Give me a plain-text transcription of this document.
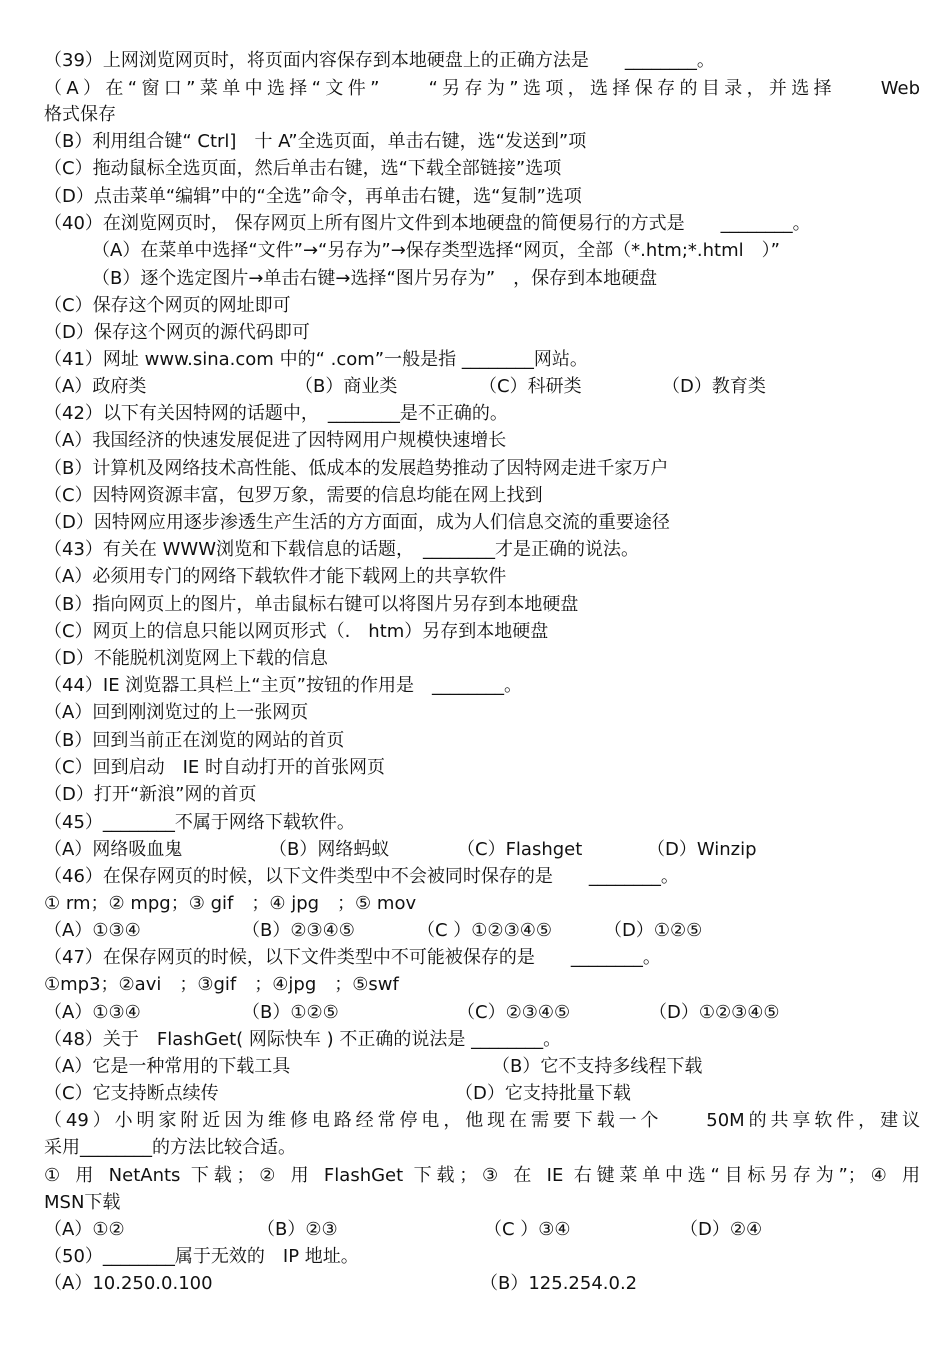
（39）上网浏览网页时，将页面内容保存到本地硬盘上的正确方法是　　________。
（A）在“窗口”菜单中选择“文件”　　“另存为”选项，选择保存的目录，并选择　　Web
格式保存
（B）利用组合键“ Ctrl]　十 A”全选页面，单击右键，选“发送到”项
（C）拖动鼠标全选页面，然后单击右键，选“下载全部链接”选项
（D）点击菜单“编辑”中的“全选”命令，再单击右键，选“复制”选项
（40）在浏览网页时， 保存网页上所有图片文件到本地硬盘的简便易行的方式是　　________。
（A）在菜单中选择“文件”→“另存为”→保存类型选择“网页，全部（*.htm;*.html　）”
（B）逐个选定图片→单击右键→选择“图片另存为”　，保存到本地硬盘
（C）保存这个网页的网址即可
（D）保存这个网页的源代码即可
（41）网址 www.sina.com 中的“ .com”一般是指 ________网站。
（A）政府类	（B）商业类	（C）科研类	（D）教育类
（42）以下有关因特网的话题中，　________是不正确的。
（A）我国经济的快速发展促进了因特网用户规模快速增长
（B）计算机及网络技术高性能、低成本的发展趋势推动了因特网走进千家万户
（C）因特网资源丰富，包罗万象，需要的信息均能在网上找到
（D）因特网应用逐步渗透生产生活的方方面面，成为人们信息交流的重要途径
（43）有关在 WWW浏览和下载信息的话题，　________才是正确的说法。
（A）必须用专门的网络下载软件才能下载网上的共享软件
（B）指向网页上的图片，单击鼠标右键可以将图片另存到本地硬盘
（C）网页上的信息只能以网页形式（.　htm）另存到本地硬盘
（D）不能脱机浏览网上下载的信息
（44）IE 浏览器工具栏上“主页”按钮的作用是　________。
（A）回到刚浏览过的上一张网页
（B）回到当前正在浏览的网站的首页
（C）回到启动　IE 时自动打开的首张网页
（D）打开“新浪”网的首页
（45）________不属于网络下载软件。
（A）网络吸血鬼	（B）网络蚂蚁	（C）Flashget	（D）Winzip
（46）在保存网页的时候，以下文件类型中不会被同时保存的是　　________。
① rm；② mpg；③ gif　；④ jpg　；⑤ mov
（A）①③④	（B）②③④⑤	（C ）①②③④⑤	（D）①②⑤
（47）在保存网页的时候，以下文件类型中不可能被保存的是　　________。
①mp3；②avi　；③gif　；④jpg　；⑤swf
（A）①③④	（B）①②⑤	（C）②③④⑤	（D）①②③④⑤
（48）关于　FlashGet( 网际快车 ) 不正确的说法是 ________。
（A）它是一种常用的下载工具	（B）它不支持多线程下载
（C）它支持断点续传	（D）它支持批量下载
（49）小明家附近因为维修电路经常停电，他现在需要下载一个　　50M的共享软件，建议
采用________的方法比较合适。
① 用 NetAnts 下载；② 用 FlashGet 下载；③ 在 IE 右键菜单中选“目标另存为”；④ 用
MSN下载
（A）①②	（B）②③	（C ）③④	（D）②④
（50）________属于无效的　IP 地址。
（A）10.250.0.100	（B）125.254.0.2
